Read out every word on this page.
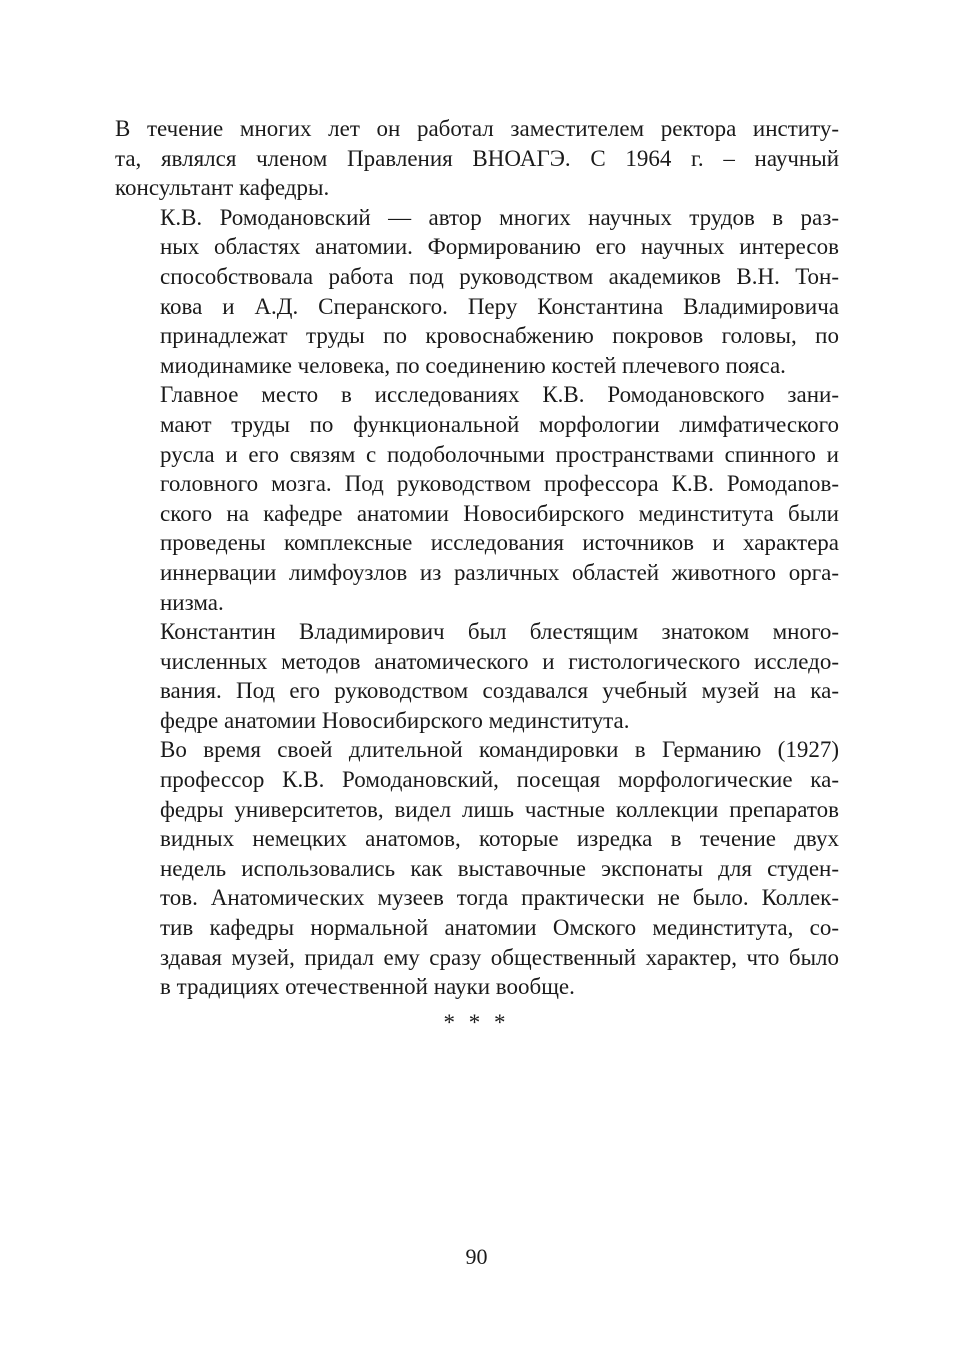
В течение многих лет он работал заместителем ректора институ-
та, являлся членом Правления ВНОАГЭ. С 1964 г. – научный
консультант кафедры.
К.В. Ромодановский — автор многих научных трудов в раз-
ных областях анатомии. Формированию его научных интересов
способствовала работа под руководством академиков В.Н. Тон-
кова и А.Д. Сперанского. Перу Константина Владимировича
принадлежат труды по кровоснабжению покровов головы, по
миодинамике человека, по соединению костей плечевого пояса.
Главное место в исследованиях К.В. Ромодановского зани-
мают труды по функциональной морфологии лимфатического
русла и его связям с подоболочными пространствами спинного и
головного мозга. Под руководством профессора К.В. Ромодanов-
ского на кафедре анатомии Новосибирского мединститута были
проведены комплексные исследования источников и характера
иннервации лимфоузлов из различных областей животного орга-
низма.
Константин Владимирович был блестящим знатоком много-
численных методов анатомического и гистологического исследо-
вания. Под его руководством создавался учебный музей на ка-
федре анатомии Новосибирского мединститута.
Во время своей длительной командировки в Германию (1927)
профессор К.В. Ромодановский, посещая морфологические ка-
федры университетов, видел лишь частные коллекции препаратов
видных немецких анатомов, которые изредка в течение двух
недель использовались как выставочные экспонаты для студен-
тов. Анатомических музеев тогда практически не было. Коллек-
тив кафедры нормальной анатомии Омского мединститута, со-
здавая музей, придал ему сразу общественный характер, что было
в традициях отечественной науки вообще.
* * *
90
